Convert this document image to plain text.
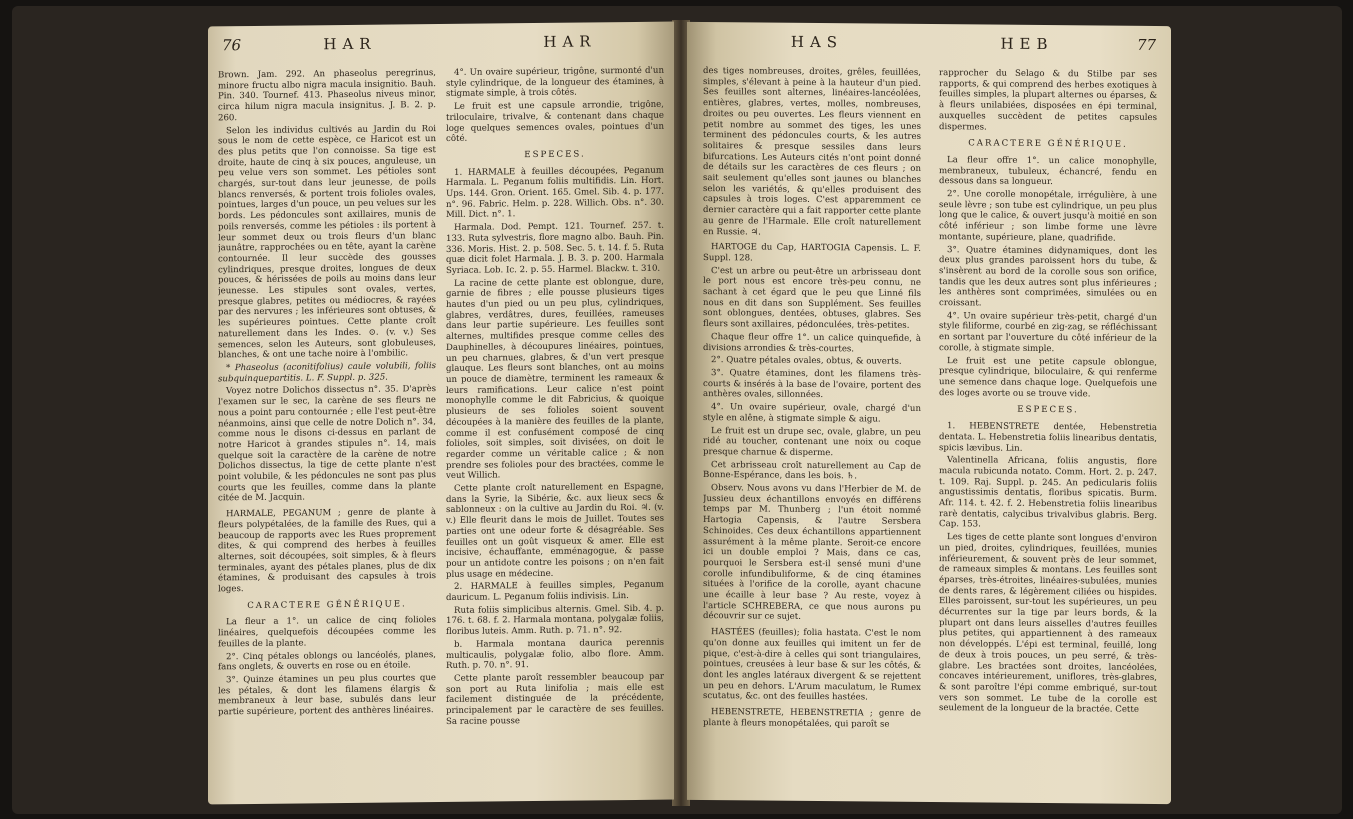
76	HAR	HAR

Brown. Jam. 292. An phaseolus peregrinus, minore fructu albo nigra macula insignitio. Bauh. Pin. 340. Tournef. 413. Phaseolus niveus minor, circa hilum nigra macula insignitus. J. B. 2. p. 260.

Selon les individus cultivés au Jardin du Roi sous le nom de cette espèce, ce Haricot est un des plus petits que l'on connoisse. Sa tige est droite, haute de cinq à six pouces, anguleuse, un peu velue vers son sommet. Les pétioles sont chargés, sur-tout dans leur jeunesse, de poils blancs renversés, & portent trois folioles ovales, pointues, larges d'un pouce, un peu velues sur les bords. Les pédoncules sont axillaires, munis de poils renversés, comme les pétioles : ils portent à leur sommet deux ou trois fleurs d'un blanc jaunâtre, rapprochées ou en tête, ayant la carène contournée. Il leur succède des gousses cylindriques, presque droites, longues de deux pouces, & hérissées de poils au moins dans leur jeunesse. Les stipules sont ovales, vertes, presque glabres, petites ou médiocres, & rayées par des nervures ; les inférieures sont obtuses, & les supérieures pointues. Cette plante croît naturellement dans les Indes. ⊙. (v. v.) Ses semences, selon les Auteurs, sont globuleuses, blanches, & ont une tache noire à l'ombilic.

* Phaseolus (aconitifolius) caule volubili, foliis subquinquepartitis. L. F. Suppl. p. 325.

Voyez notre Dolichos dissectus n°. 35. D'après l'examen sur le sec, la carène de ses fleurs ne nous a point paru contournée ; elle l'est peut-être néanmoins, ainsi que celle de notre Dolich n°. 34, comme nous le disons ci-dessus en parlant de notre Haricot à grandes stipules n°. 14, mais quelque soit la caractère de la carène de notre Dolichos dissectus, la tige de cette plante n'est point volubile, & les pédoncules ne sont pas plus courts que les feuilles, comme dans la plante citée de M. Jacquin.

HARMALE, PEGANUM ; genre de plante à fleurs polypétalées, de la famille des Rues, qui a beaucoup de rapports avec les Rues proprement dites, & qui comprend des herbes à feuilles alternes, soit découpées, soit simples, & à fleurs terminales, ayant des pétales planes, plus de dix étamines, & produisant des capsules à trois loges.

CARACTERE GÉNÉRIQUE.

La fleur a 1°. un calice de cinq folioles linéaires, quelquefois découpées comme les feuilles de la plante.

2°. Cinq pétales oblongs ou lancéolés, planes, fans onglets, & ouverts en rose ou en étoile.

3°. Quinze étamines un peu plus courtes que les pétales, & dont les filamens élargis & membraneux à leur base, subulés dans leur partie supérieure, portent des anthères linéaires.

4°. Un ovaire supérieur, trigône, surmonté d'un style cylindrique, de la longueur des étamines, à stigmate simple, à trois côtés.

Le fruit est une capsule arrondie, trigône, triloculaire, trivalve, & contenant dans chaque loge quelques semences ovales, pointues d'un côté.

ESPECES.

1. HARMALE à feuilles découpées, Peganum Harmala. L. Peganum foliis multifidis. Lin. Hort. Ups. 144. Gron. Orient. 165. Gmel. Sib. 4. p. 177. n°. 96. Fabric. Helm. p. 228. Willich. Obs. n°. 30. Mill. Dict. n°. 1.

Harmala. Dod. Pempt. 121. Tournef. 257. t. 133. Ruta sylvestris, flore magno albo. Bauh. Pin. 336. Moris. Hist. 2. p. 508. Sec. 5. t. 14. f. 5. Ruta quæ dicit folet Harmala. J. B. 3. p. 200. Harmala Syriaca. Lob. Ic. 2. p. 55. Harmel. Blackw. t. 310.

La racine de cette plante est oblongue, dure, garnie de fibres ; elle pousse plusieurs tiges hautes d'un pied ou un peu plus, cylindriques, glabres, verdâtres, dures, feuillées, rameuses dans leur partie supérieure. Les feuilles sont alternes, multifides presque comme celles des Dauphinelles, à découpures linéaires, pointues, un peu charnues, glabres, & d'un vert presque glauque. Les fleurs sont blanches, ont au moins un pouce de diamètre, terminent les rameaux & leurs ramifications. Leur calice n'est point monophylle comme le dit Fabricius, & quoique plusieurs de ses folioles soient souvent découpées à la manière des feuilles de la plante, comme il est confusément composé de cinq folioles, soit simples, soit divisées, on doit le regarder comme un véritable calice ; & non prendre ses folioles pour des bractées, comme le veut Willich.

Cette plante croît naturellement en Espagne, dans la Syrie, la Sibérie, &c. aux lieux secs & sablonneux : on la cultive au Jardin du Roi. ♃. (v. v.) Elle fleurit dans le mois de Juillet. Toutes ses parties ont une odeur forte & désagréable. Ses feuilles ont un goût visqueux & amer. Elle est incisive, échauffante, emménagogue, & passe pour un antidote contre les poisons ; on n'en fait plus usage en médecine.

2. HARMALE à feuilles simples, Peganum dauricum. L. Peganum foliis indivisis. Lin.

Ruta foliis simplicibus alternis. Gmel. Sib. 4. p. 176. t. 68. f. 2. Harmala montana, polygalæ foliis, floribus luteis. Amm. Ruth. p. 71. n°. 92.

b. Harmala montana daurica perennis multicaulis, polygalæ folio, albo flore. Amm. Ruth. p. 70. n°. 91.

Cette plante paroît ressembler beaucoup par son port au Ruta linifolia ; mais elle est facilement distinguée de la précédente, principalement par le caractère de ses feuilles. Sa racine pousse

HAS	HEB	77

des tiges nombreuses, droites, grêles, feuillées, simples, s'élevant à peine à la hauteur d'un pied. Ses feuilles sont alternes, linéaires-lancéolées, entières, glabres, vertes, molles, nombreuses, droites ou peu ouvertes. Les fleurs viennent en petit nombre au sommet des tiges, les unes terminent des pédoncules courts, & les autres solitaires & presque sessiles dans leurs bifurcations. Les Auteurs cités n'ont point donné de détails sur les caractères de ces fleurs ; on sait seulement qu'elles sont jaunes ou blanches selon les variétés, & qu'elles produisent des capsules à trois loges. C'est apparemment ce dernier caractère qui a fait rapporter cette plante au genre de l'Harmale. Elle croît naturellement en Russie. ♃.

HARTOGE du Cap, HARTOGIA Capensis. L. F. Suppl. 128.

C'est un arbre ou peut-être un arbrisseau dont le port nous est encore très-peu connu, ne sachant à cet égard que le peu que Linné fils nous en dit dans son Supplément. Ses feuilles sont oblongues, dentées, obtuses, glabres. Ses fleurs sont axillaires, pédonculées, très-petites.

Chaque fleur offre 1°. un calice quinquefide, à divisions arrondies & très-courtes.

2°. Quatre pétales ovales, obtus, & ouverts.

3°. Quatre étamines, dont les filamens très-courts & insérés à la base de l'ovaire, portent des anthères ovales, sillonnées.

4°. Un ovaire supérieur, ovale, chargé d'un style en alêne, à stigmate simple & aigu.

Le fruit est un drupe sec, ovale, glabre, un peu ridé au toucher, contenant une noix ou coque presque charnue & disperme.

Cet arbrisseau croît naturellement au Cap de Bonne-Espérance, dans les bois. ♄.

Observ. Nous avons vu dans l'Herbier de M. de Jussieu deux échantillons envoyés en différens temps par M. Thunberg ; l'un étoit nommé Hartogia Capensis, & l'autre Sersbera Schinoides. Ces deux échantillons appartiennent assurément à la même plante. Seroit-ce encore ici un double emploi ? Mais, dans ce cas, pourquoi le Sersbera est-il sensé muni d'une corolle infundibuliforme, & de cinq étamines situées à l'orifice de la corolle, ayant chacune une écaille à leur base ? Au reste, voyez à l'article SCHREBERA, ce que nous aurons pu découvrir sur ce sujet.

HASTÉES (feuilles); folia hastata. C'est le nom qu'on donne aux feuilles qui imitent un fer de pique, c'est-à-dire à celles qui sont triangulaires, pointues, creusées à leur base & sur les côtés, & dont les angles latéraux divergent & se rejettent un peu en dehors. L'Arum maculatum, le Rumex scutatus, &c. ont des feuilles hastées.

HEBENSTRETE, HEBENSTRETIA ; genre de plante à fleurs monopétalées, qui paroît se

rapprocher du Selago & du Stilbe par ses rapports, & qui comprend des herbes exotiques à feuilles simples, la plupart alternes ou éparses, & à fleurs unilabiées, disposées en épi terminal, auxquelles succèdent de petites capsules dispermes.

CARACTERE GÉNÉRIQUE.

La fleur offre 1°. un calice monophylle, membraneux, tubuleux, échancré, fendu en dessous dans sa longueur.

2°. Une corolle monopétale, irrégulière, à une seule lèvre ; son tube est cylindrique, un peu plus long que le calice, & ouvert jusqu'à moitié en son côté inférieur ; son limbe forme une lèvre montante, supérieure, plane, quadrifide.

3°. Quatre étamines didynamiques, dont les deux plus grandes paroissent hors du tube, & s'insèrent au bord de la corolle sous son orifice, tandis que les deux autres sont plus inférieures ; les anthères sont comprimées, simulées ou en croissant.

4°. Un ovaire supérieur très-petit, chargé d'un style filiforme, courbé en zig-zag, se réfléchissant en sortant par l'ouverture du côté inférieur de la corolle, à stigmate simple.

Le fruit est une petite capsule oblongue, presque cylindrique, biloculaire, & qui renferme une semence dans chaque loge. Quelquefois une des loges avorte ou se trouve vide.

ESPECES.

1. HEBENSTRETE dentée, Hebenstretia dentata. L. Hebenstretia foliis linearibus dentatis, spicis lævibus. Lin.

Valentinella Africana, foliis angustis, flore macula rubicunda notato. Comm. Hort. 2. p. 247. t. 109. Raj. Suppl. p. 245. An pedicularis foliis angustissimis dentatis, floribus spicatis. Burm. Afr. 114. t. 42. f. 2. Hebenstretia foliis linearibus rarè dentatis, calycibus trivalvibus glabris. Berg. Cap. 153.

Les tiges de cette plante sont longues d'environ un pied, droites, cylindriques, feuillées, munies inférieurement, & souvent près de leur sommet, de rameaux simples & montans. Les feuilles sont éparses, très-étroites, linéaires-subulées, munies de dents rares, & légèrement ciliées ou hispides. Elles paroissent, sur-tout les supérieures, un peu décurrentes sur la tige par leurs bords, & la plupart ont dans leurs aisselles d'autres feuilles plus petites, qui appartiennent à des rameaux non développés. L'épi est terminal, feuillé, long de deux à trois pouces, un peu serré, & très-glabre. Les bractées sont droites, lancéolées, concaves intérieurement, uniflores, très-glabres, & sont paroître l'épi comme embriqué, sur-tout vers son sommet. Le tube de la corolle est seulement de la longueur de la bractée. Cette
